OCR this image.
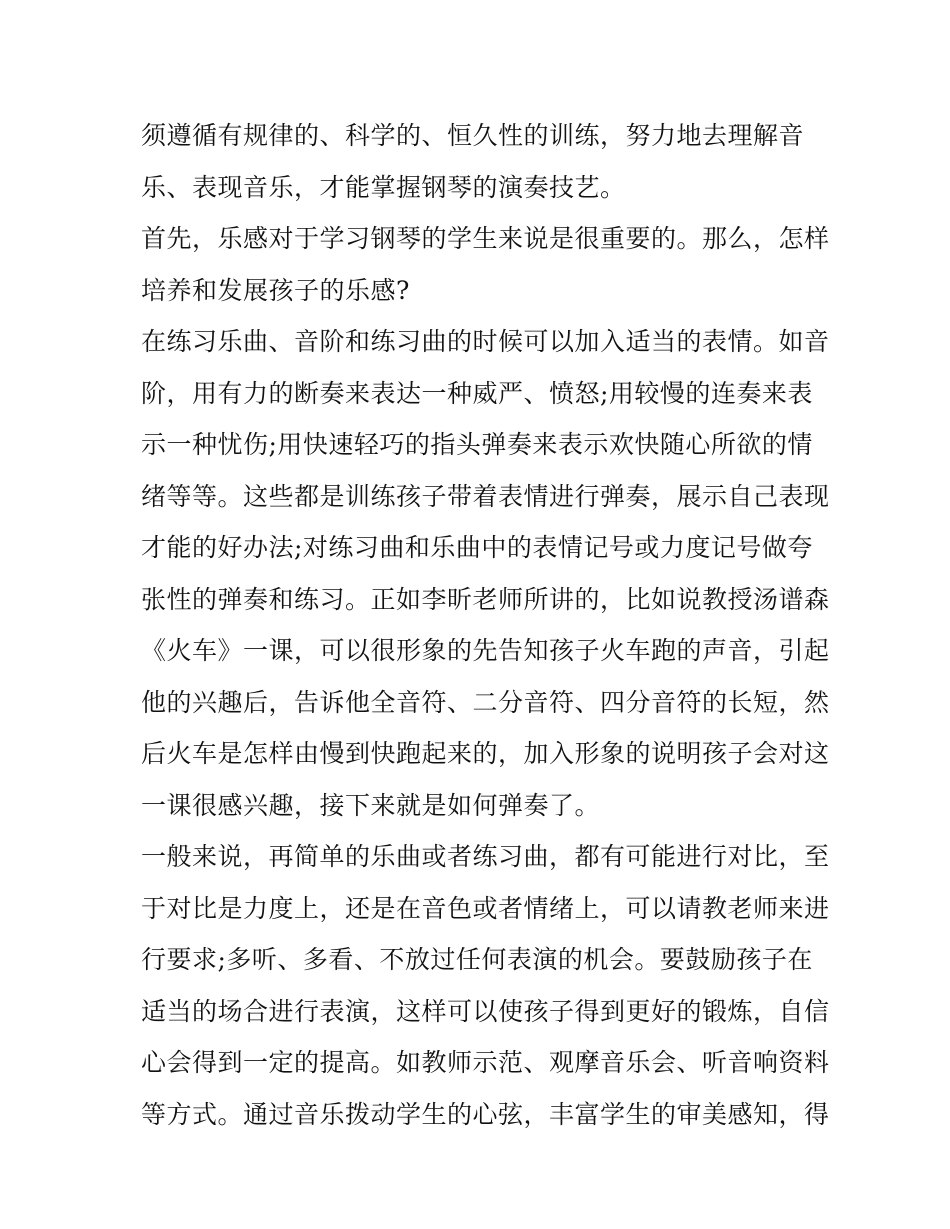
须遵循有规律的、科学的、恒久性的训练，努力地去理解音
乐、表现音乐，才能掌握钢琴的演奏技艺。
首先，乐感对于学习钢琴的学生来说是很重要的。那么，怎样
培养和发展孩子的乐感?
在练习乐曲、音阶和练习曲的时候可以加入适当的表情。如音
阶，用有力的断奏来表达一种威严、愤怒;用较慢的连奏来表
示一种忧伤;用快速轻巧的指头弹奏来表示欢快随心所欲的情
绪等等。这些都是训练孩子带着表情进行弹奏，展示自己表现
才能的好办法;对练习曲和乐曲中的表情记号或力度记号做夸
张性的弹奏和练习。正如李昕老师所讲的，比如说教授汤谱森
《火车》一课，可以很形象的先告知孩子火车跑的声音，引起
他的兴趣后，告诉他全音符、二分音符、四分音符的长短，然
后火车是怎样由慢到快跑起来的，加入形象的说明孩子会对这
一课很感兴趣，接下来就是如何弹奏了。
一般来说，再简单的乐曲或者练习曲，都有可能进行对比，至
于对比是力度上，还是在音色或者情绪上，可以请教老师来进
行要求;多听、多看、不放过任何表演的机会。要鼓励孩子在
适当的场合进行表演，这样可以使孩子得到更好的锻炼，自信
心会得到一定的提高。如教师示范、观摩音乐会、听音响资料
等方式。通过音乐拨动学生的心弦，丰富学生的审美感知，得
